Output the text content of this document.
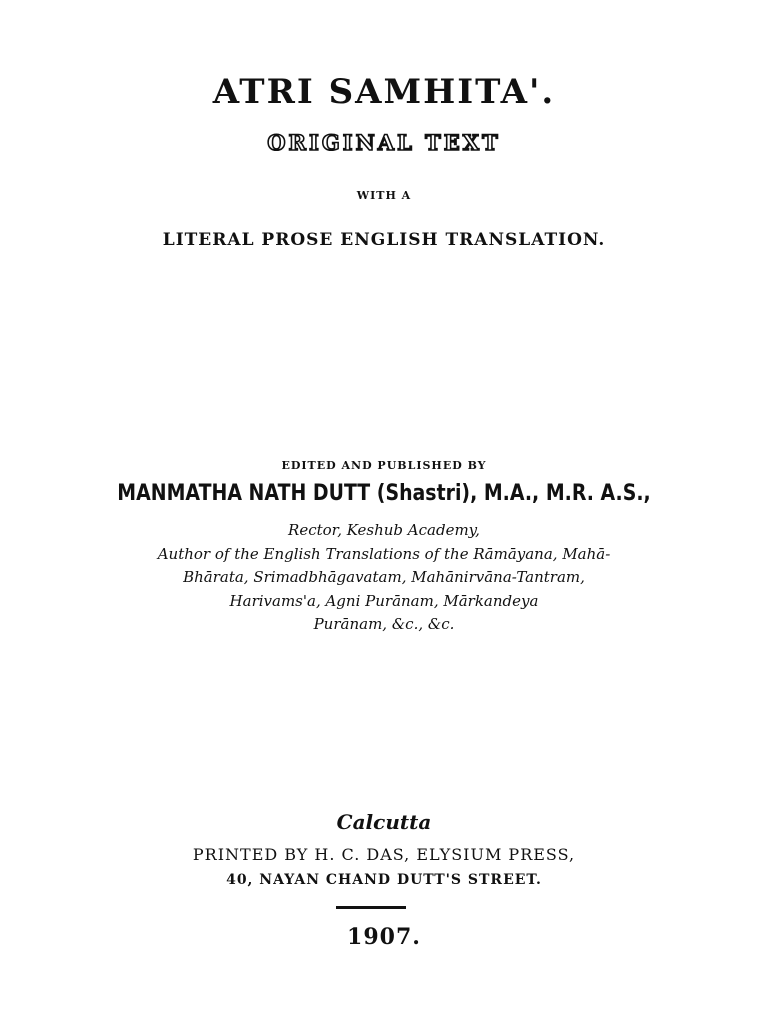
ATRI SAMHITA'.
ORIGINAL TEXT
WITH A
LITERAL PROSE ENGLISH TRANSLATION.
EDITED AND PUBLISHED BY
MANMATHA NATH DUTT (Shastri), M.A., M.R. A.S.,
Rector, Keshub Academy,
Author of the English Translations of the Rāmāyana, Mahā-
Bhārata, Srimadbhāgavatam, Mahānirvāna-Tantram,
Harivams'a, Agni Purānam, Mārkandeya
Purānam, &c., &c.
Calcutta
PRINTED BY H. C. DAS, ELYSIUM PRESS,
40, NAYAN CHAND DUTT'S STREET.
1907.
